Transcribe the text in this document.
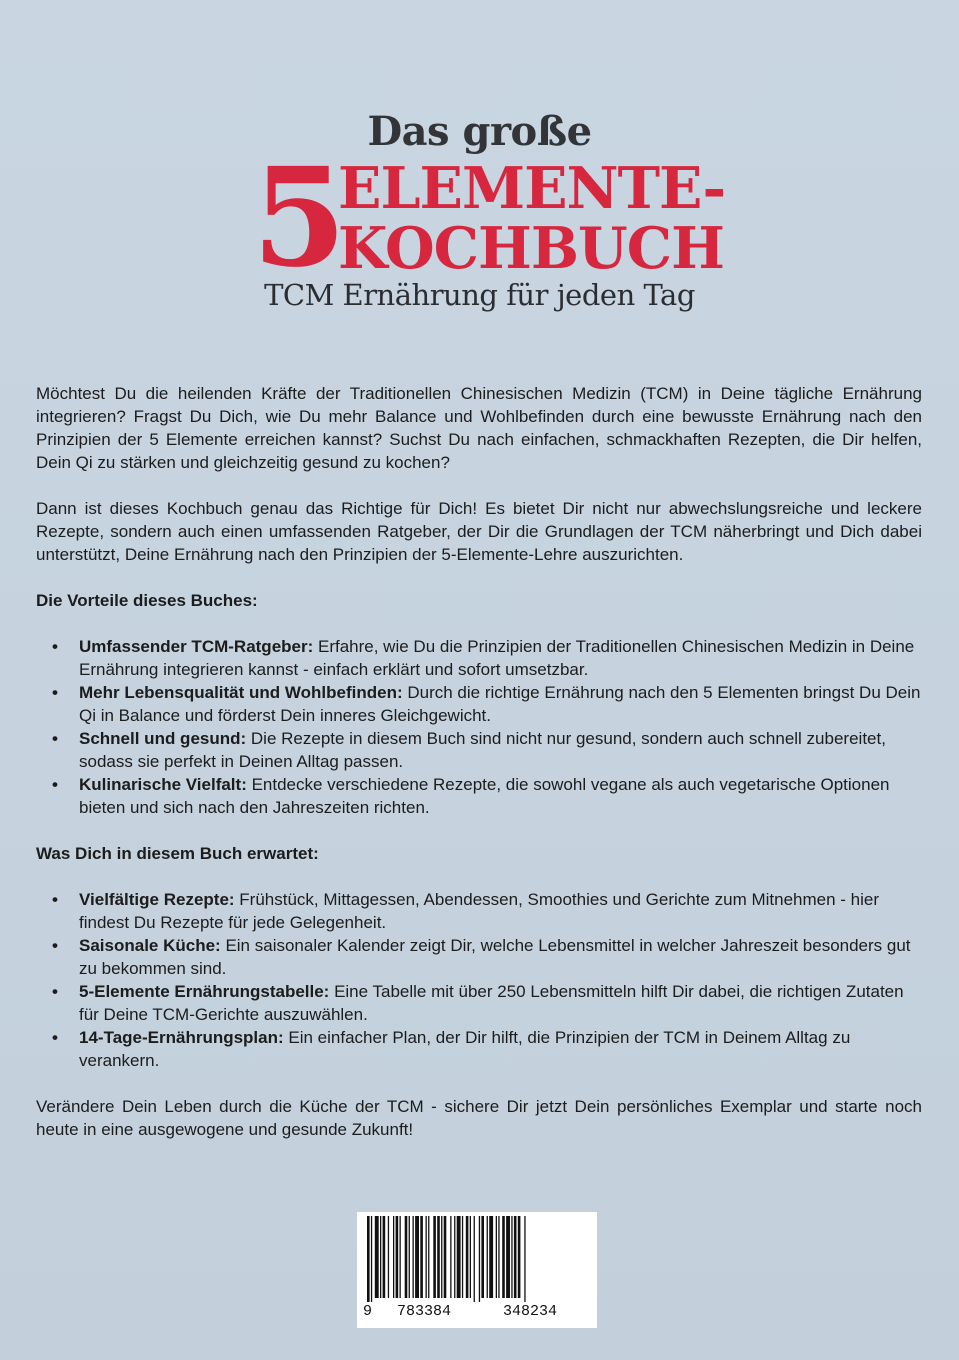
Das große
5
ELEMENTE-
KOCHBUCH
TCM Ernährung für jeden Tag

Möchtest Du die heilenden Kräfte der Traditionellen Chinesischen Medizin (TCM) in Deine tägliche Ernährung integrieren? Fragst Du Dich, wie Du mehr Balance und Wohlbefinden durch eine bewusste Ernährung nach den Prinzipien der 5 Elemente erreichen kannst? Suchst Du nach einfachen, schmackhaften Rezepten, die Dir helfen, Dein Qi zu stärken und gleichzeitig gesund zu kochen?

Dann ist dieses Kochbuch genau das Richtige für Dich! Es bietet Dir nicht nur abwechslungsreiche und leckere Rezepte, sondern auch einen umfassenden Ratgeber, der Dir die Grundlagen der TCM näherbringt und Dich dabei unterstützt, Deine Ernährung nach den Prinzipien der 5-Elemente-Lehre auszurichten.

Die Vorteile dieses Buches:
• Umfassender TCM-Ratgeber: Erfahre, wie Du die Prinzipien der Traditionellen Chinesischen Medizin in Deine Ernährung integrieren kannst - einfach erklärt und sofort umsetzbar.
• Mehr Lebensqualität und Wohlbefinden: Durch die richtige Ernährung nach den 5 Elementen bringst Du Dein Qi in Balance und förderst Dein inneres Gleichgewicht.
• Schnell und gesund: Die Rezepte in diesem Buch sind nicht nur gesund, sondern auch schnell zubereitet, sodass sie perfekt in Deinen Alltag passen.
• Kulinarische Vielfalt: Entdecke verschiedene Rezepte, die sowohl vegane als auch vegetarische Optionen bieten und sich nach den Jahreszeiten richten.
Was Dich in diesem Buch erwartet:
• Vielfältige Rezepte: Frühstück, Mittagessen, Abendessen, Smoothies und Gerichte zum Mitnehmen - hier findest Du Rezepte für jede Gelegenheit.
• Saisonale Küche: Ein saisonaler Kalender zeigt Dir, welche Lebensmittel in welcher Jahreszeit besonders gut zu bekommen sind.
• 5-Elemente Ernährungstabelle: Eine Tabelle mit über 250 Lebensmitteln hilft Dir dabei, die richtigen Zutaten für Deine TCM-Gerichte auszuwählen.
• 14-Tage-Ernährungsplan: Ein einfacher Plan, der Dir hilft, die Prinzipien der TCM in Deinem Alltag zu verankern.

Verändere Dein Leben durch die Küche der TCM - sichere Dir jetzt Dein persönliches Exemplar und starte noch heute in eine ausgewogene und gesunde Zukunft!

9 783384	348234
